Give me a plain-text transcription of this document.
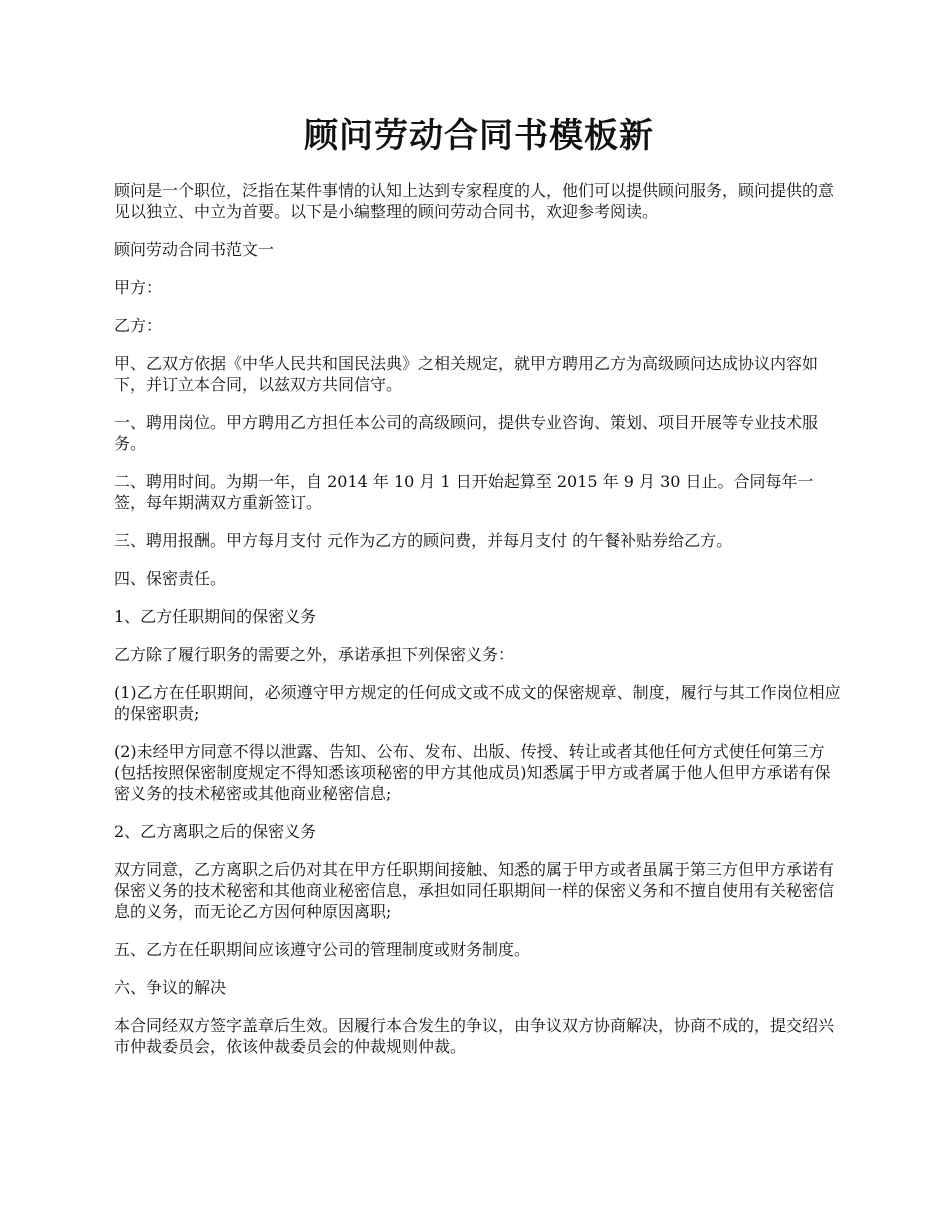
顾问劳动合同书模板新

顾问是一个职位，泛指在某件事情的认知上达到专家程度的人，他们可以提供顾问服务，顾问提供的意见以独立、中立为首要。以下是小编整理的顾问劳动合同书，欢迎参考阅读。

顾问劳动合同书范文一

甲方：

乙方：

甲、乙双方依据《中华人民共和国民法典》之相关规定，就甲方聘用乙方为高级顾问达成协议内容如下，并订立本合同，以兹双方共同信守。

一、聘用岗位。甲方聘用乙方担任本公司的高级顾问，提供专业咨询、策划、项目开展等专业技术服务。

二、聘用时间。为期一年，自 2014 年 10 月 1 日开始起算至 2015 年 9 月 30 日止。合同每年一签，每年期满双方重新签订。

三、聘用报酬。甲方每月支付 元作为乙方的顾问费，并每月支付 的午餐补贴券给乙方。

四、保密责任。

1、乙方任职期间的保密义务

乙方除了履行职务的需要之外，承诺承担下列保密义务：

(1)乙方在任职期间，必须遵守甲方规定的任何成文或不成文的保密规章、制度，履行与其工作岗位相应的保密职责;

(2)未经甲方同意不得以泄露、告知、公布、发布、出版、传授、转让或者其他任何方式使任何第三方(包括按照保密制度规定不得知悉该项秘密的甲方其他成员)知悉属于甲方或者属于他人但甲方承诺有保密义务的技术秘密或其他商业秘密信息;

2、乙方离职之后的保密义务

双方同意，乙方离职之后仍对其在甲方任职期间接触、知悉的属于甲方或者虽属于第三方但甲方承诺有保密义务的技术秘密和其他商业秘密信息，承担如同任职期间一样的保密义务和不擅自使用有关秘密信息的义务，而无论乙方因何种原因离职;

五、乙方在任职期间应该遵守公司的管理制度或财务制度。

六、争议的解决

本合同经双方签字盖章后生效。因履行本合发生的争议，由争议双方协商解决，协商不成的，提交绍兴市仲裁委员会，依该仲裁委员会的仲裁规则仲裁。
